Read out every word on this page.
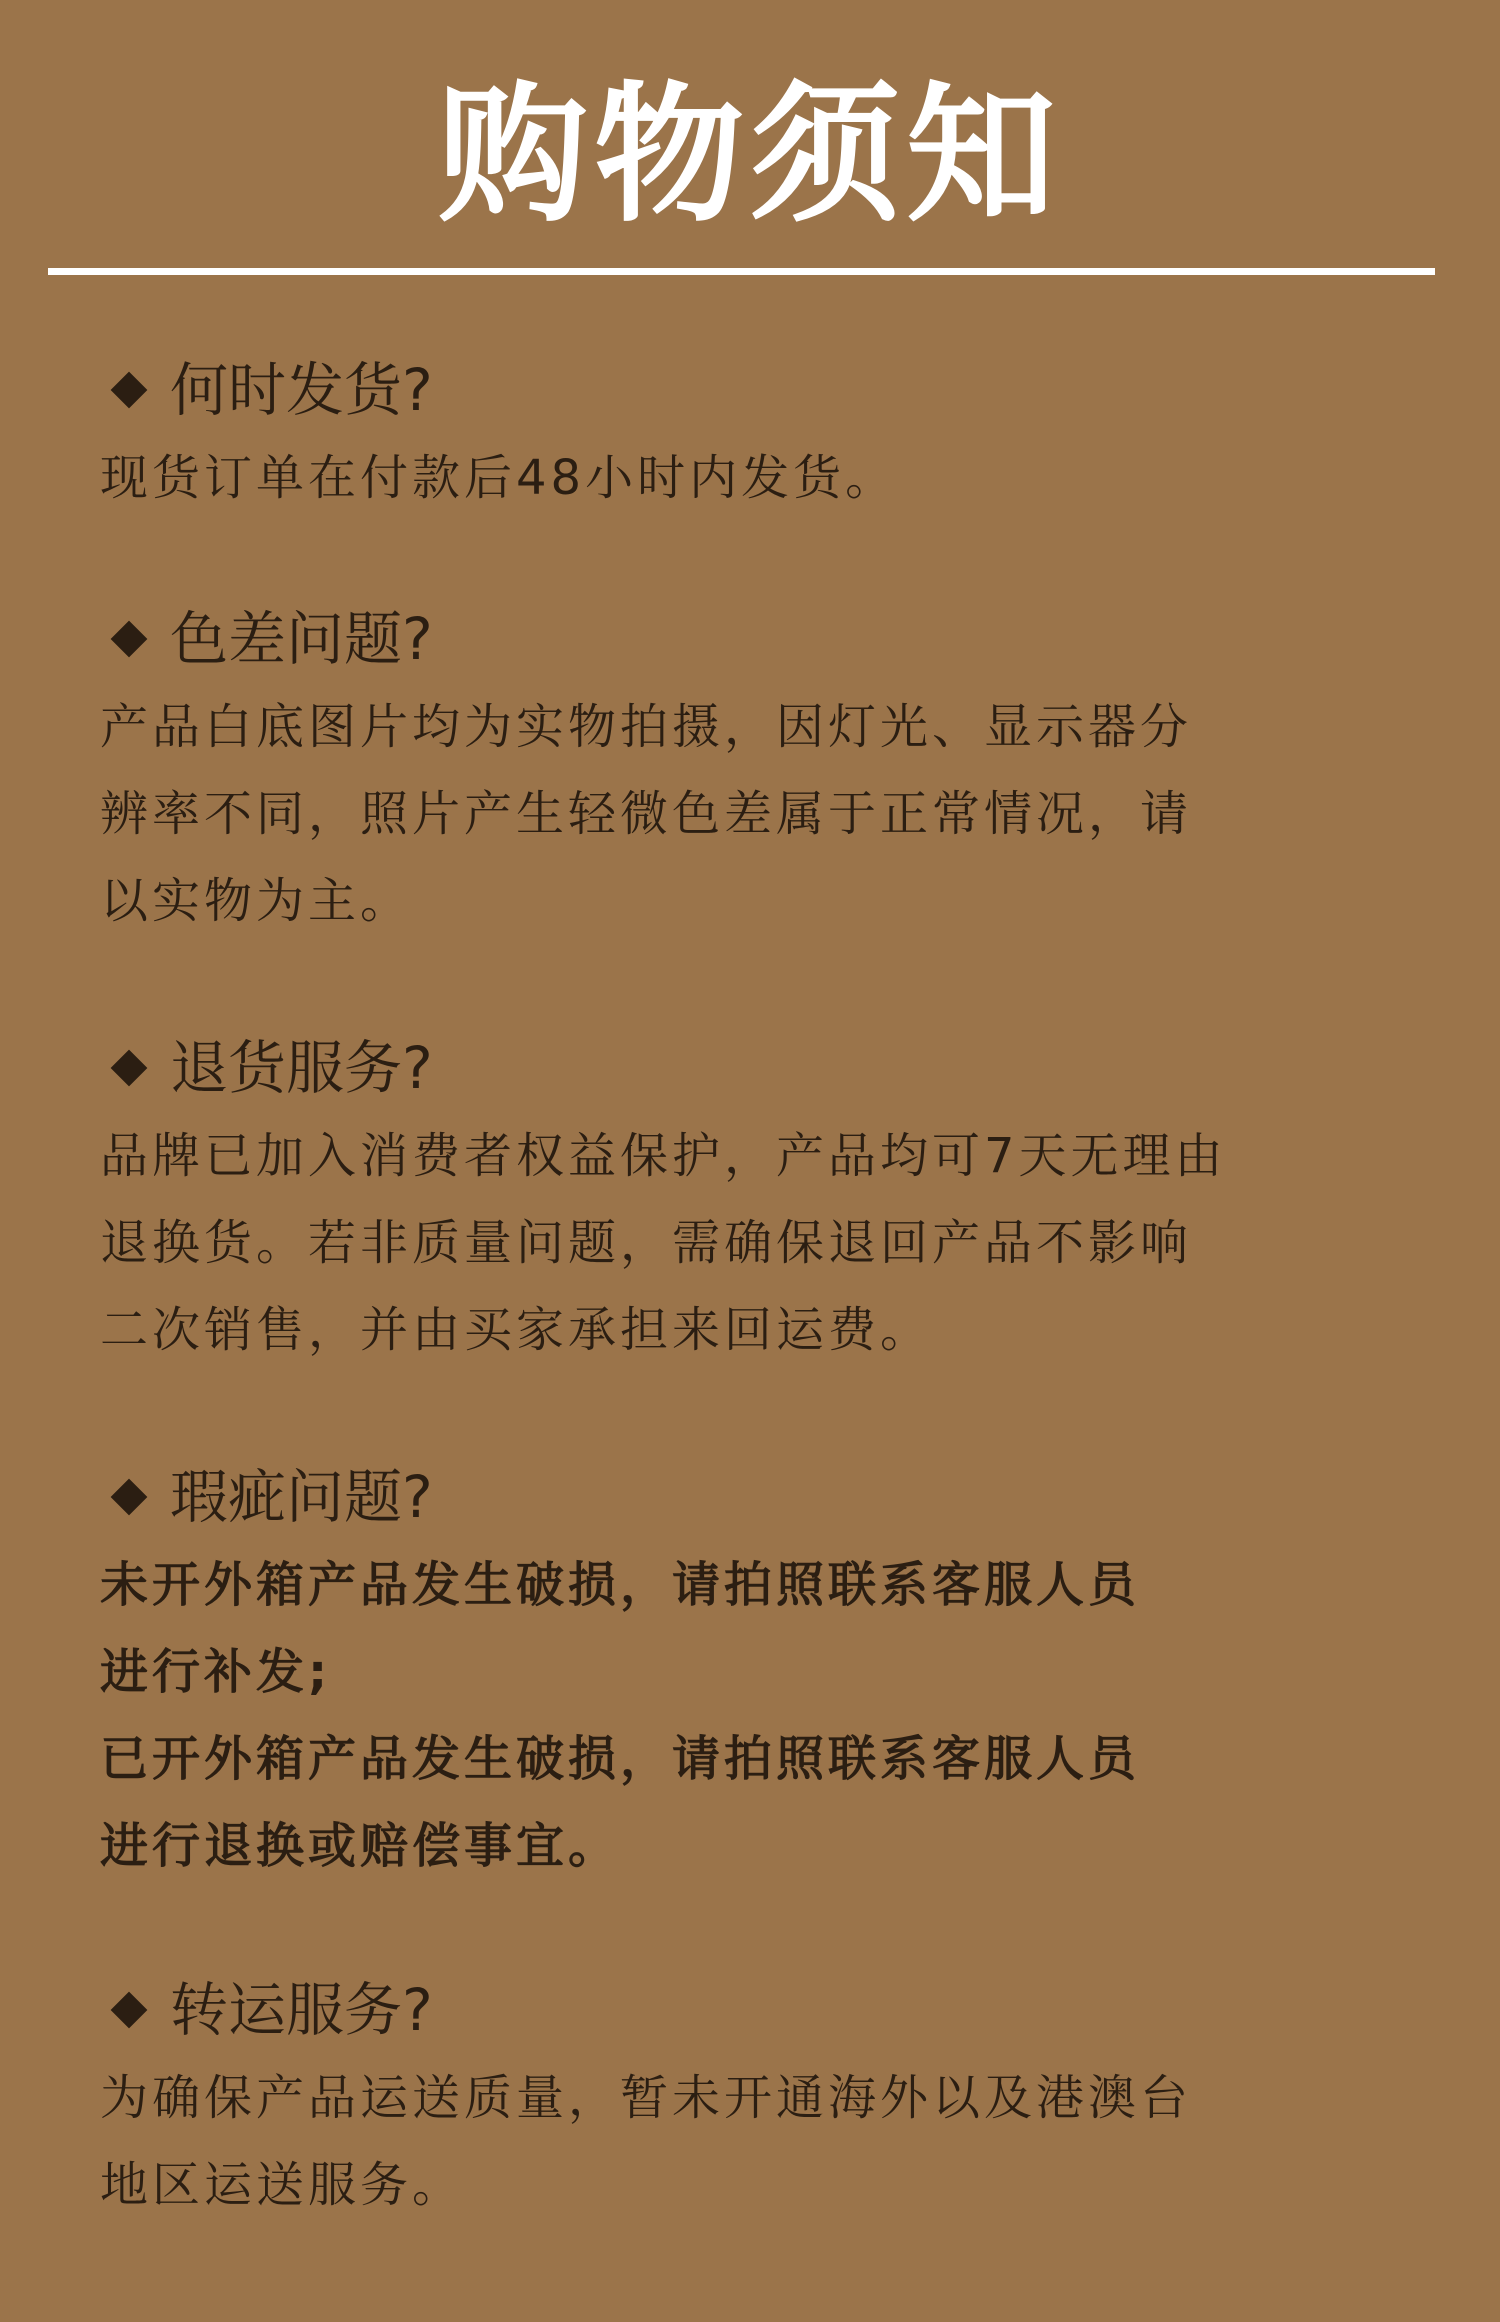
购物须知
何时发货?
现货订单在付款后48小时内发货。
色差问题?
产品白底图片均为实物拍摄，因灯光、显示器分
辨率不同，照片产生轻微色差属于正常情况，请
以实物为主。
退货服务?
品牌已加入消费者权益保护，产品均可7天无理由
退换货。若非质量问题，需确保退回产品不影响
二次销售，并由买家承担来回运费。
瑕疵问题?
未开外箱产品发生破损，请拍照联系客服人员
进行补发;
已开外箱产品发生破损，请拍照联系客服人员
进行退换或赔偿事宜。
转运服务?
为确保产品运送质量，暂未开通海外以及港澳台
地区运送服务。
